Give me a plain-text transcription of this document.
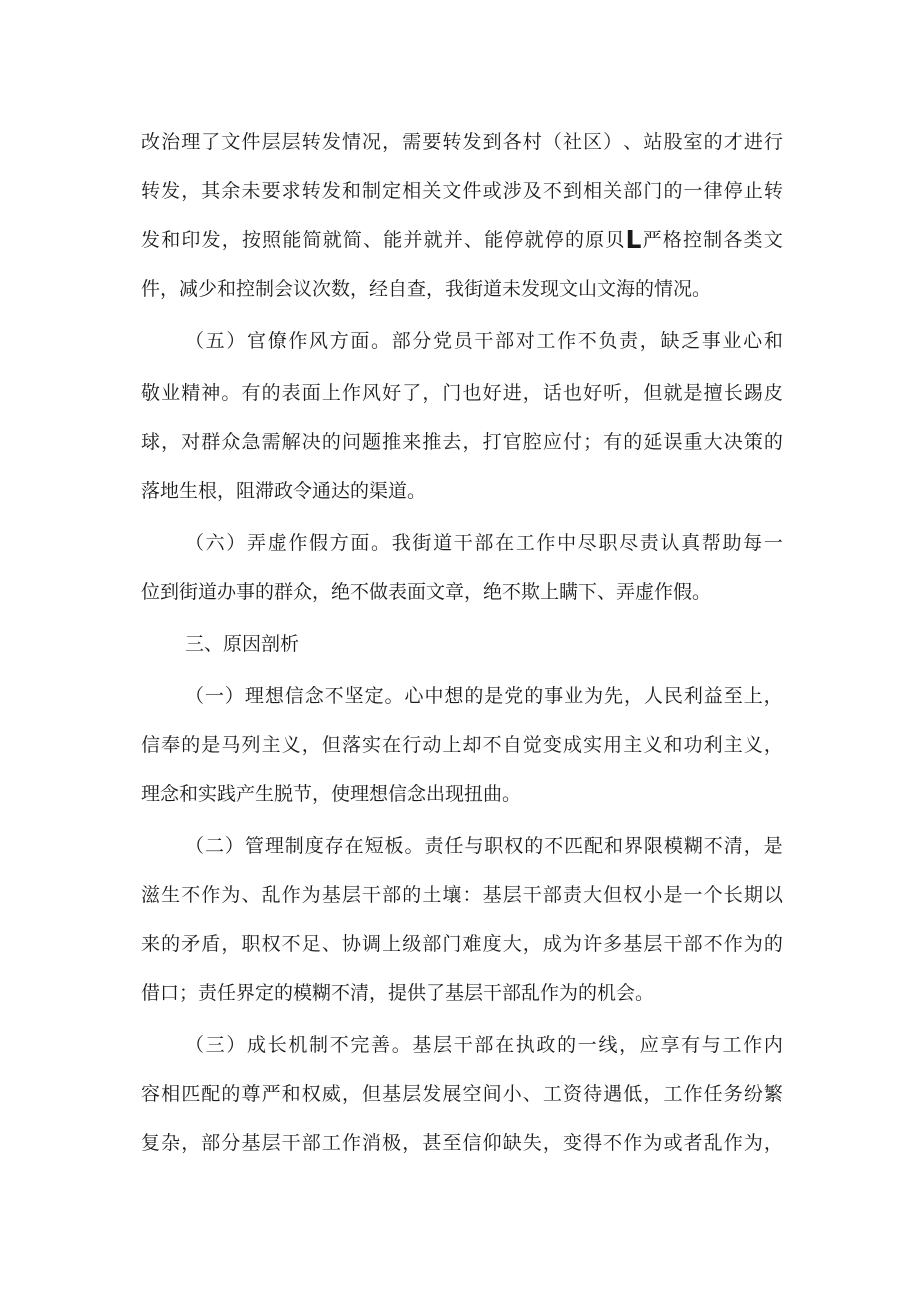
改 治 理 了 文 件 层 层 转 发 情 况 ， 需 要 转 发 到 各 村 （ 社 区 ） 、 站 股 室 的 才 进 行
转 发 ， 其 余 未 要 求 转 发 和 制 定 相 关 文 件 或 涉 及 不 到 相 关 部 门 的 一 律 停 止 转
发 和 印 发 ， 按 照 能 简 就 简 、 能 并 就 并 、 能 停 就 停 的 原 贝 L 严 格 控 制 各 类 文
件，减少和控制会议次数，经自查，我街道未发现文山文海的情况。
（ 五 ） 官 僚 作 风 方 面 。 部 分 党 员 干 部 对 工 作 不 负 责 ， 缺 乏 事 业 心 和
敬 业 精 神 。 有 的 表 面 上 作 风 好 了 ， 门 也 好 进 ， 话 也 好 听 ， 但 就 是 擅 长 踢 皮
球 ， 对 群 众 急 需 解 决 的 问 题 推 来 推 去 ， 打 官 腔 应 付 ； 有 的 延 误 重 大 决 策 的
落地生根，阻滞政令通达的渠道。
（ 六 ） 弄 虚 作 假 方 面 。 我 街 道 干 部 在 工 作 中 尽 职 尽 责 认 真 帮 助 每 一
位到街道办事的群众，绝不做表面文章，绝不欺上瞒下、弄虚作假。
三、原因剖析
（ 一 ） 理 想 信 念 不 坚 定 。 心 中 想 的 是 党 的 事 业 为 先 ， 人 民 利 益 至 上 ，
信 奉 的 是 马 列 主 义 ， 但 落 实 在 行 动 上 却 不 自 觉 变 成 实 用 主 义 和 功 利 主 义 ，
理念和实践产生脱节，使理想信念出现扭曲。
（ 二 ） 管 理 制 度 存 在 短 板 。 责 任 与 职 权 的 不 匹 配 和 界 限 模 糊 不 清 ， 是
滋 生 不 作 为 、 乱 作 为 基 层 干 部 的 土 壤 ： 基 层 干 部 责 大 但 权 小 是 一 个 长 期 以
来 的 矛 盾 ， 职 权 不 足 、 协 调 上 级 部 门 难 度 大 ， 成 为 许 多 基 层 干 部 不 作 为 的
借口；责任界定的模糊不清，提供了基层干部乱作为的机会。
（ 三 ） 成 长 机 制 不 完 善 。 基 层 干 部 在 执 政 的 一 线 ， 应 享 有 与 工 作 内
容 相 匹 配 的 尊 严 和 权 威 ， 但 基 层 发 展 空 间 小 、 工 资 待 遇 低 ， 工 作 任 务 纷 繁
复 杂 ， 部 分 基 层 干 部 工 作 消 极 ， 甚 至 信 仰 缺 失 ， 变 得 不 作 为 或 者 乱 作 为 ，
